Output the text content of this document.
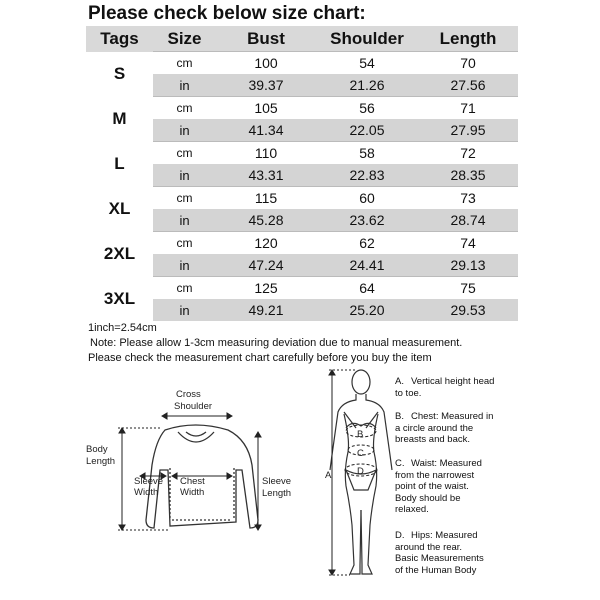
Please check below size chart:
Tags	Size	Bust	Shoulder	Length
S	cm	100	54	70
	in	39.37	21.26	27.56
M	cm	105	56	71
	in	41.34	22.05	27.95
L	cm	110	58	72
	in	43.31	22.83	28.35
XL	cm	115	60	73
	in	45.28	23.62	28.74
2XL	cm	120	62	74
	in	47.24	24.41	29.13
3XL	cm	125	64	75
	in	49.21	25.20	29.53
1inch=2.54cm
Note: Please allow 1-3cm measuring deviation due to manual measurement.
Please check the measurement chart carefully before you buy the item
Cross Shoulder
Body Length
Sleeve Width
Chest Width
Sleeve Length
A
B
C
D
A. Vertical height head
to toe.
B. Chest: Measured in
a circle around the
breasts and back.
C. Waist: Measured
from the narrowest
point of the waist.
Body should be
relaxed.
D. Hips: Measured
around the rear.
Basic Measurements
of the Human Body
